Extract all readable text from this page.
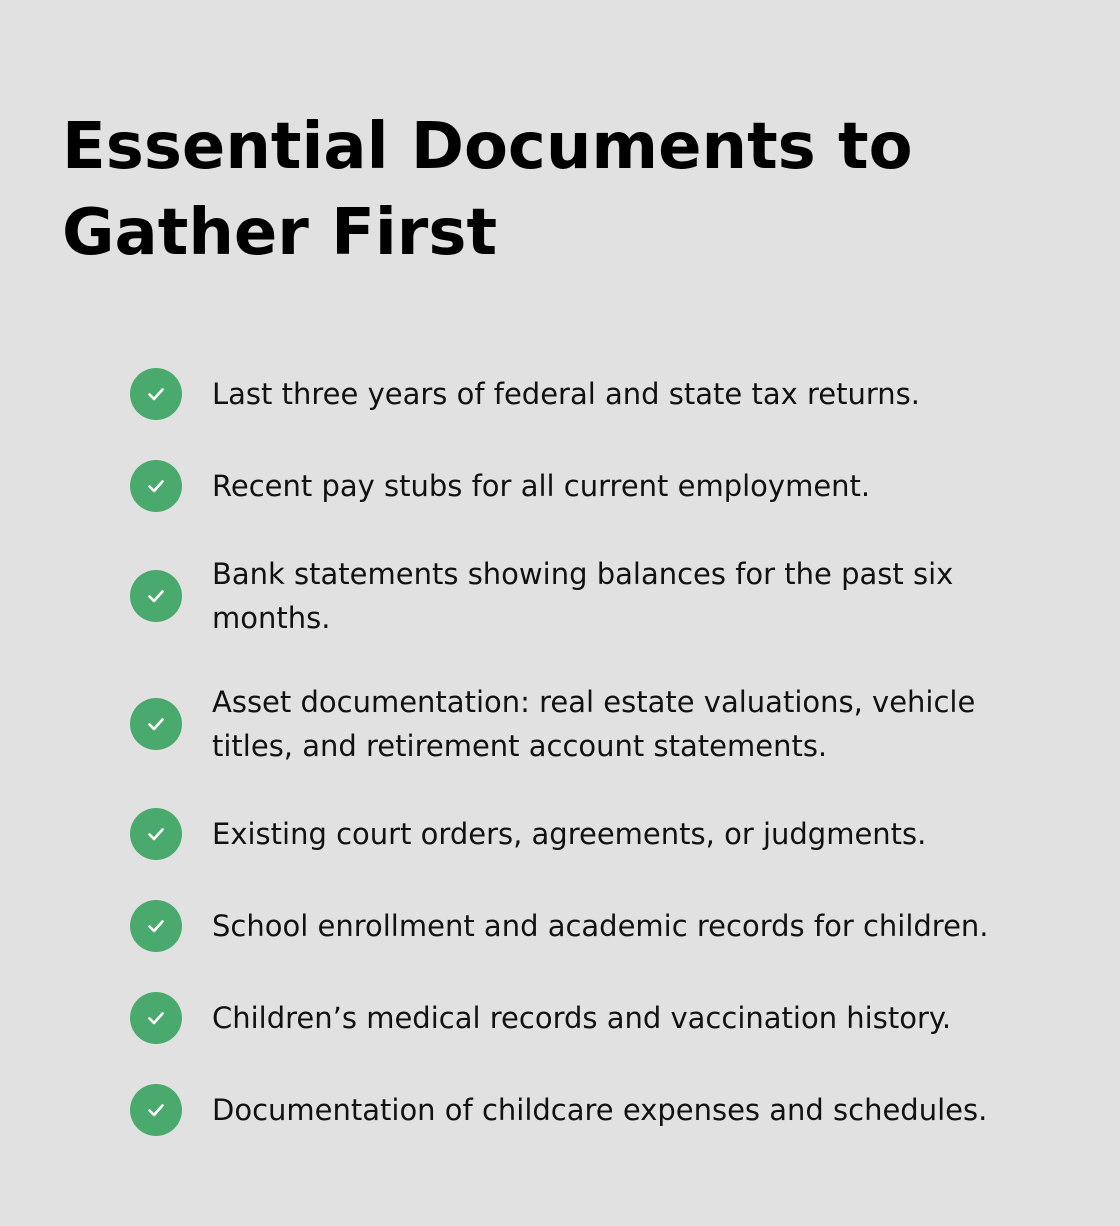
Essential Documents to Gather First
Last three years of federal and state tax returns.
Recent pay stubs for all current employment.
Bank statements showing balances for the past six months.
Asset documentation: real estate valuations, vehicle titles, and retirement account statements.
Existing court orders, agreements, or judgments.
School enrollment and academic records for children.
Children’s medical records and vaccination history.
Documentation of childcare expenses and schedules.
